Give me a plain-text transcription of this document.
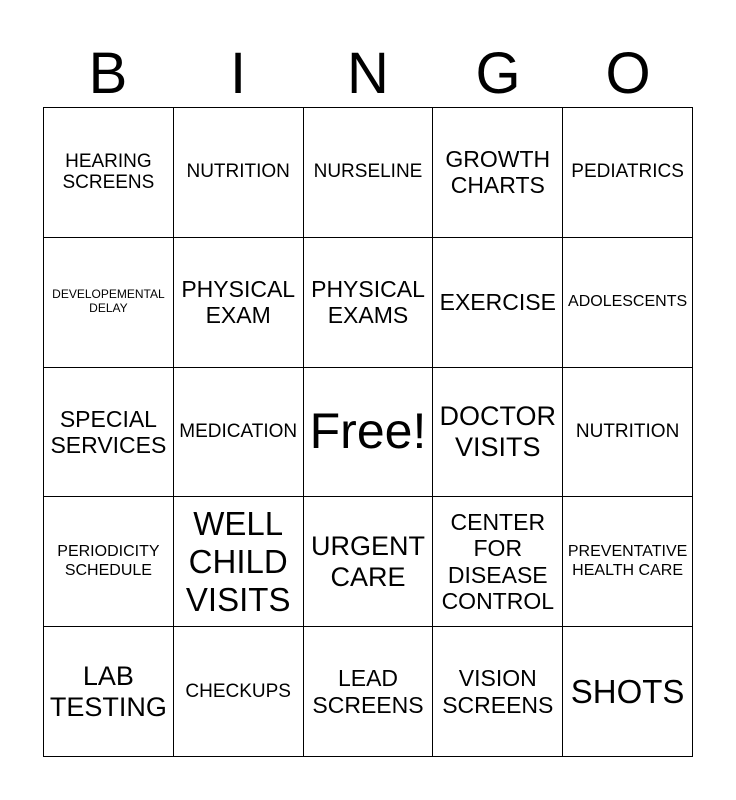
B	I	N	G	O
HEARING
SCREENS
NUTRITION NURSELINE
GROWTH
CHARTS
PEDIATRICS
DEVELOPEMENTAL
DELAY
PHYSICAL
EXAM
PHYSICAL
EXAMS
EXERCISE ADOLESCENTS
SPECIAL
SERVICES
MEDICATION Free! DOCTOR
VISITS
NUTRITION
PERIODICITY
SCHEDULE
WELL
CHILD
VISITS
URGENT
CARE
CENTER
FOR
DISEASE
CONTROL
PREVENTATIVE
HEALTH CARE
LAB
TESTING
CHECKUPS
LEAD
SCREENS
VISION
SCREENS SHOTS
